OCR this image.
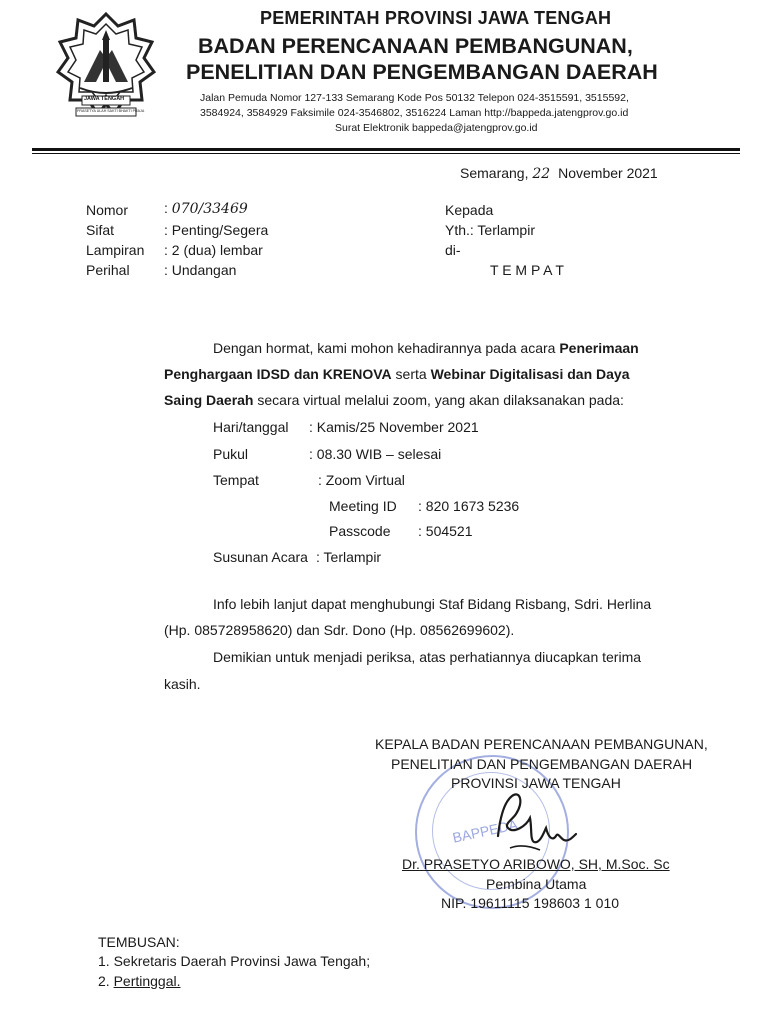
JAWA TENGAH
PRASETYA ULAH SAKTI BHAKTI PRAJA
PEMERINTAH PROVINSI JAWA TENGAH
BADAN PERENCANAAN PEMBANGUNAN,
PENELITIAN DAN PENGEMBANGAN DAERAH
Jalan Pemuda Nomor 127-133 Semarang Kode Pos 50132 Telepon 024-3515591, 3515592,
3584924, 3584929 Faksimile 024-3546802, 3516224 Laman http://bappeda.jatengprov.go.id
Surat Elektronik bappeda@jatengprov.go.id
Semarang, 22 November 2021
Nomor	: 070/33469
Sifat	: Penting/Segera
Lampiran : 2 (dua) lembar
Perihal : Undangan
Kepada
Yth.: Terlampir
di-
T E M P A T
Dengan hormat, kami mohon kehadirannya pada acara Penerimaan
Penghargaan IDSD dan KRENOVA serta Webinar Digitalisasi dan Daya
Saing Daerah secara virtual melalui zoom, yang akan dilaksanakan pada:
Hari/tanggal : Kamis/25 November 2021
Pukul	: 08.30 WIB – selesai
Tempat	: Zoom Virtual
Meeting ID : 820 1673 5236
Passcode : 504521
Susunan Acara : Terlampir
Info lebih lanjut dapat menghubungi Staf Bidang Risbang, Sdri. Herlina
(Hp. 085728958620) dan Sdr. Dono (Hp. 08562699602).
Demikian untuk menjadi periksa, atas perhatiannya diucapkan terima
kasih.
BAPPEDA
KEPALA BADAN PERENCANAAN PEMBANGUNAN,
PENELITIAN DAN PENGEMBANGAN DAERAH
PROVINSI JAWA TENGAH
Dr. PRASETYO ARIBOWO, SH, M.Soc. Sc
Pembina Utama
NIP. 19611115 198603 1 010
TEMBUSAN:
1. Sekretaris Daerah Provinsi Jawa Tengah;
2. Pertinggal.
